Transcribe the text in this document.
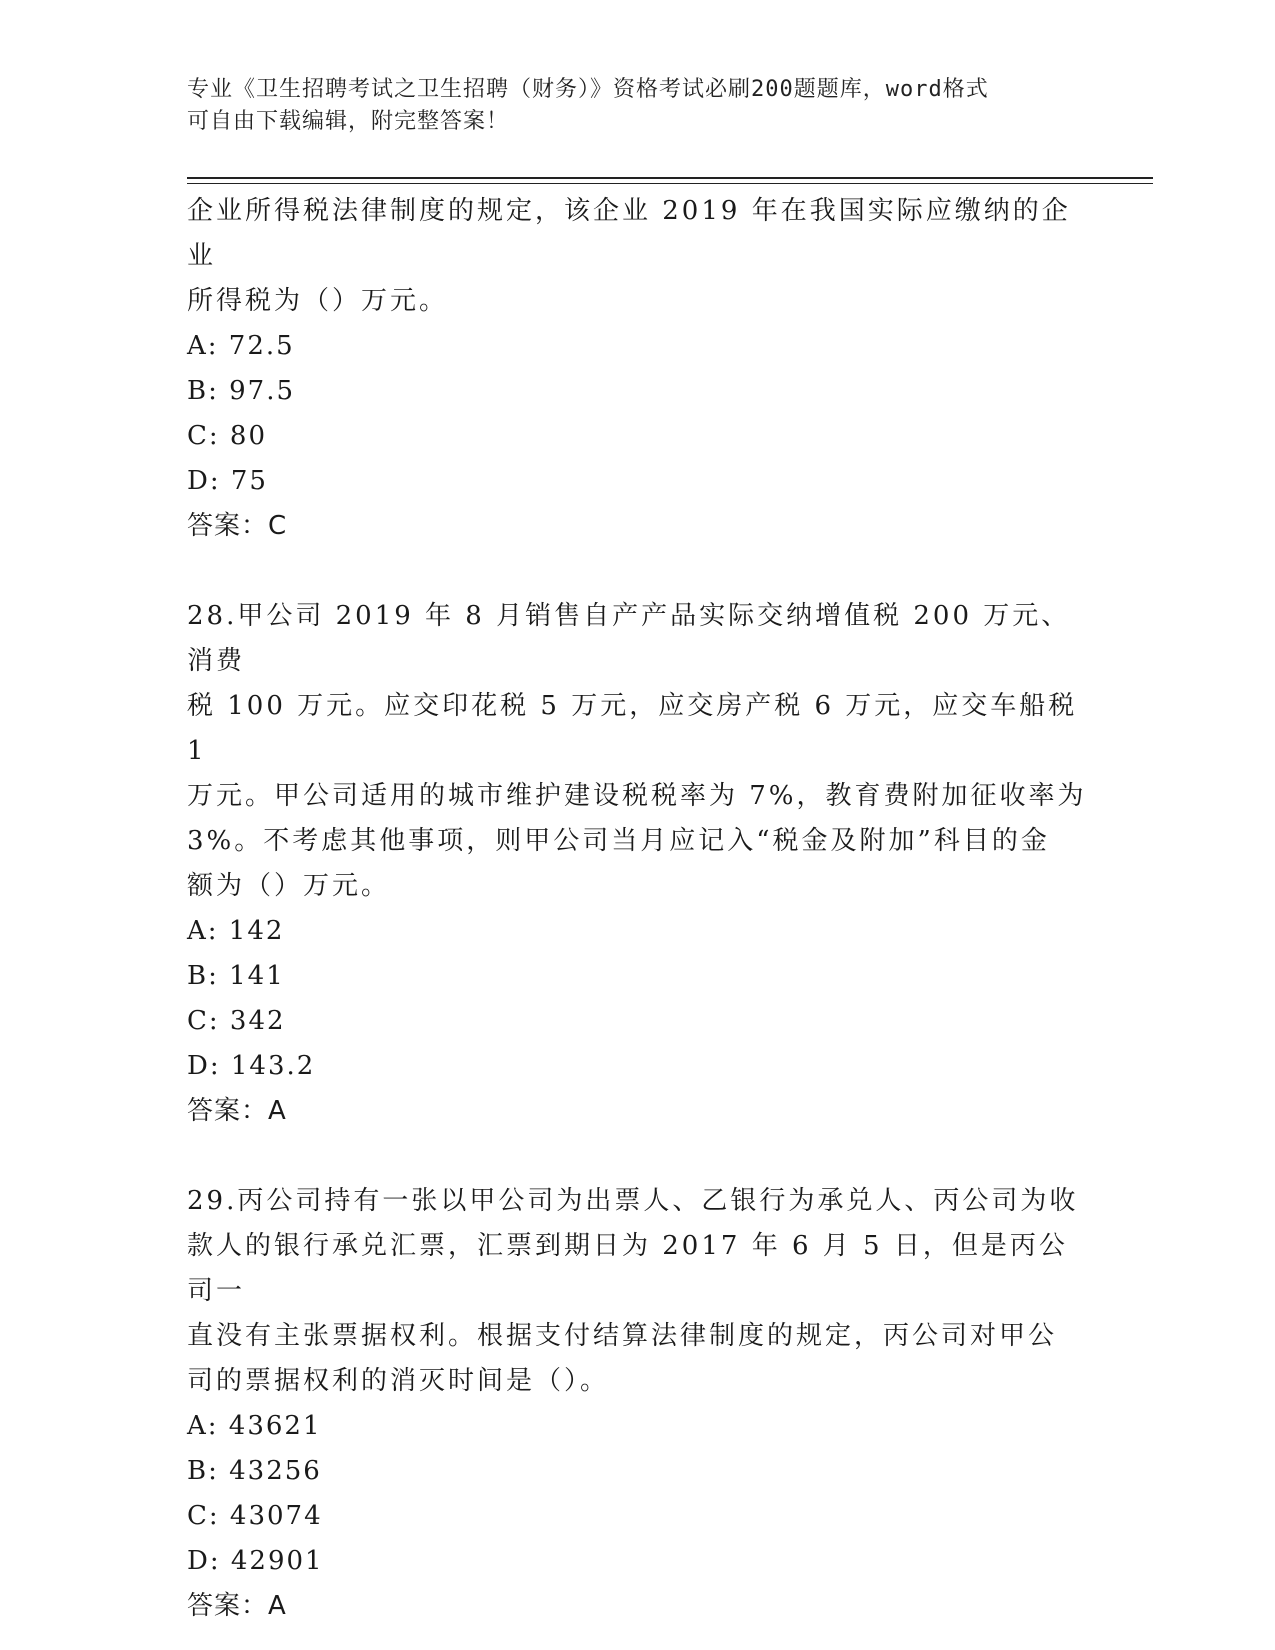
专业《卫生招聘考试之卫生招聘（财务）》资格考试必刷200题题库，word格式
可自由下载编辑，附完整答案！

企业所得税法律制度的规定，该企业 2019 年在我国实际应缴纳的企业

所得税为（）万元。

A: 72.5

B: 97.5

C: 80

D: 75

答案：C

28.甲公司 2019 年 8 月销售自产产品实际交纳增值税 200 万元、消费

税 100 万元。应交印花税 5 万元，应交房产税 6 万元，应交车船税 1

万元。甲公司适用的城市维护建设税税率为 7%，教育费附加征收率为

3%。不考虑其他事项，则甲公司当月应记入“税金及附加”科目的金

额为（）万元。

A: 142

B: 141

C: 342

D: 143.2

答案：A

29.丙公司持有一张以甲公司为出票人、乙银行为承兑人、丙公司为收

款人的银行承兑汇票，汇票到期日为 2017 年 6 月 5 日，但是丙公司一

直没有主张票据权利。根据支付结算法律制度的规定，丙公司对甲公

司的票据权利的消灭时间是（）。

A: 43621

B: 43256

C: 43074

D: 42901

答案：A
